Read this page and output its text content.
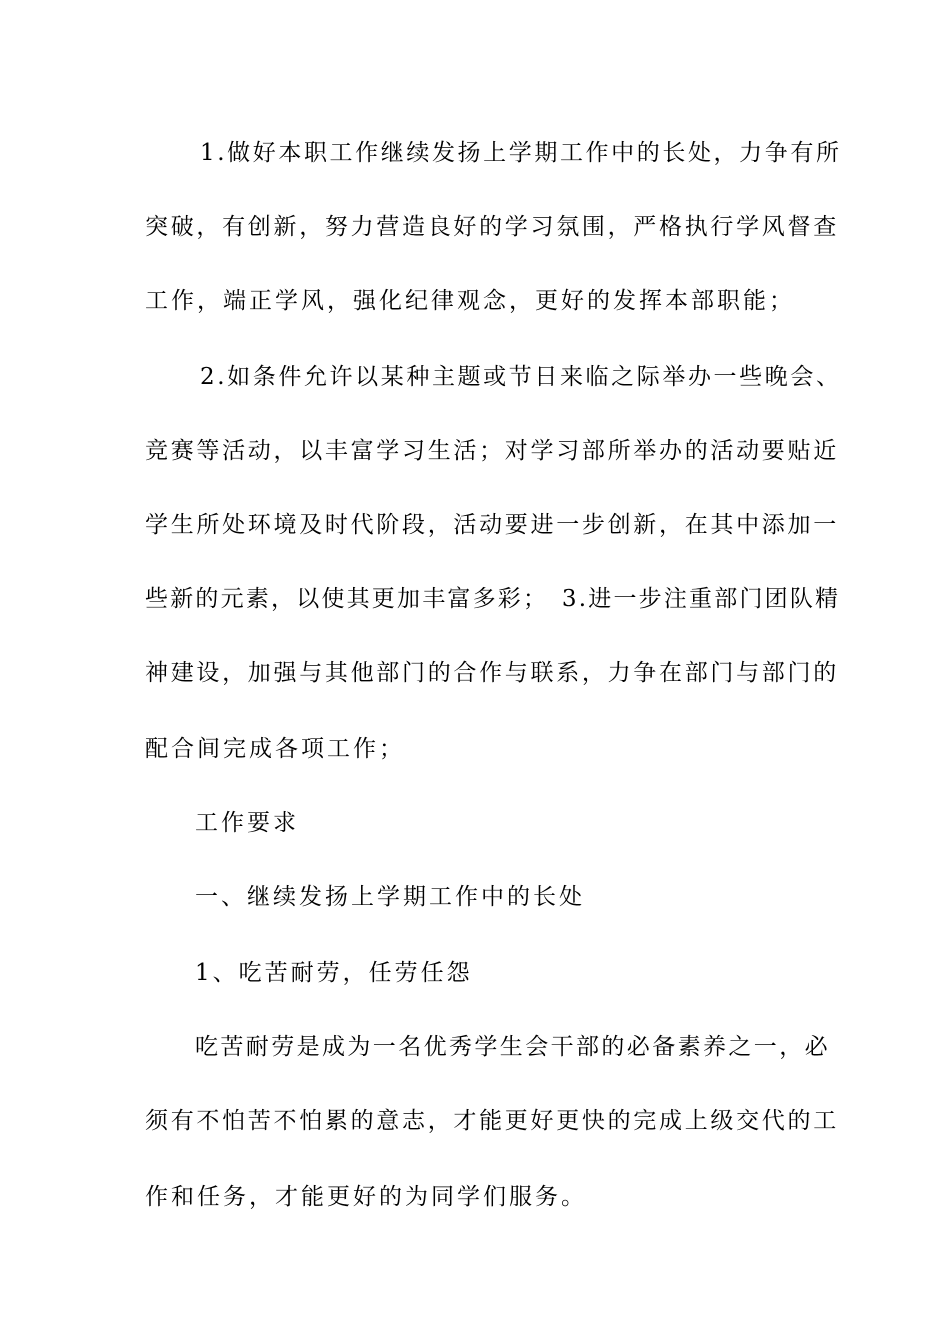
1.做好本职工作继续发扬上学期工作中的长处，力争有所
突破，有创新，努力营造良好的学习氛围，严格执行学风督查
工作，端正学风，强化纪律观念，更好的发挥本部职能；
2.如条件允许以某种主题或节日来临之际举办一些晚会、
竞赛等活动，以丰富学习生活；对学习部所举办的活动要贴近
学生所处环境及时代阶段，活动要进一步创新，在其中添加一
些新的元素，以使其更加丰富多彩；　3.进一步注重部门团队精
神建设，加强与其他部门的合作与联系，力争在部门与部门的
配合间完成各项工作；
工作要求
一、继续发扬上学期工作中的长处
1、吃苦耐劳，任劳任怨
吃苦耐劳是成为一名优秀学生会干部的必备素养之一，必
须有不怕苦不怕累的意志，才能更好更快的完成上级交代的工
作和任务，才能更好的为同学们服务。
